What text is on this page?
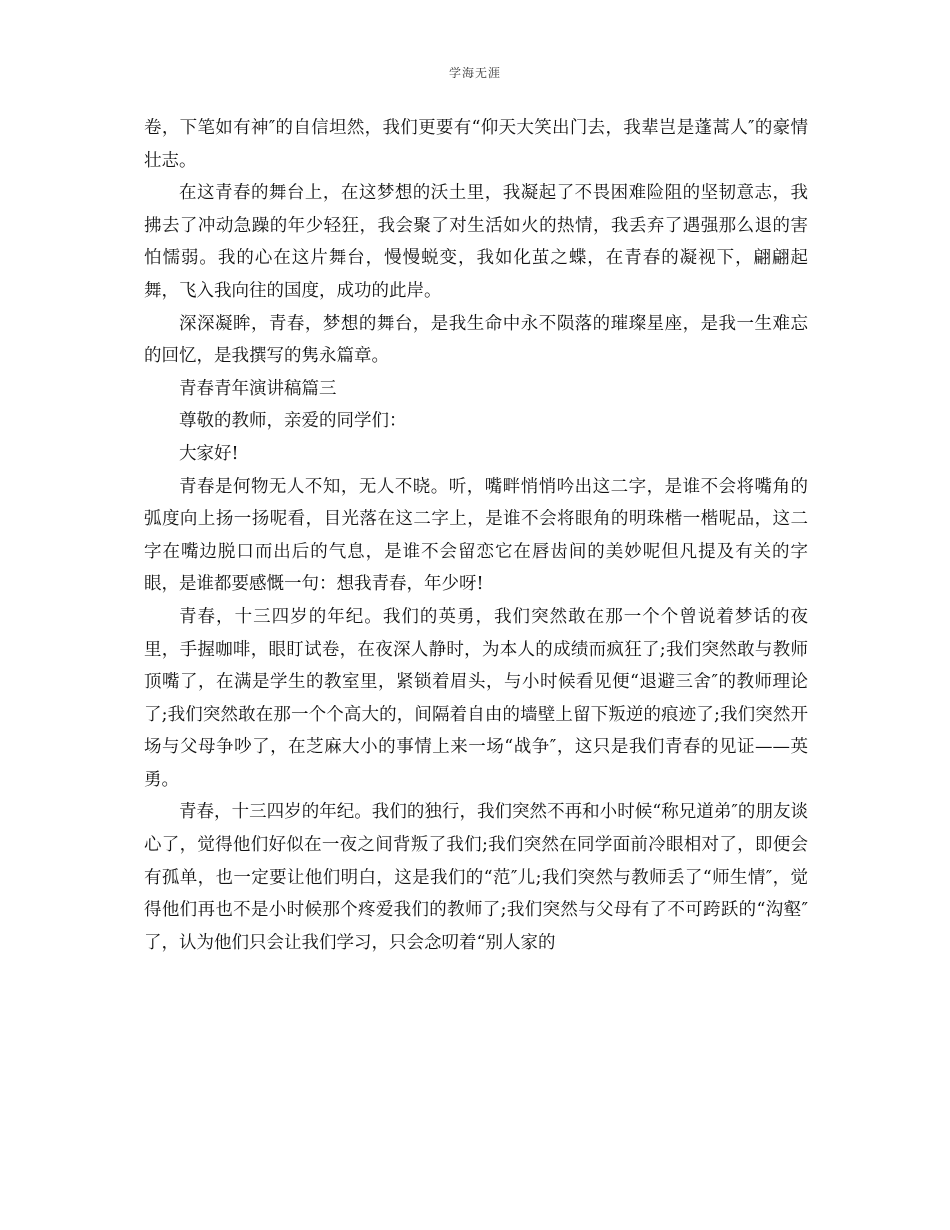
学海无涯

卷，下笔如有神″的自信坦然，我们更要有“仰天大笑出门去，我辈岂是蓬蒿人″的豪情壮志。

在这青春的舞台上，在这梦想的沃土里，我凝起了不畏困难险阻的坚韧意志，我拂去了冲动急躁的年少轻狂，我会聚了对生活如火的热情，我丢弃了遇强那么退的害怕懦弱。我的心在这片舞台，慢慢蜕变，我如化茧之蝶，在青春的凝视下，翩翩起舞，飞入我向往的国度，成功的此岸。

深深凝眸，青春，梦想的舞台，是我生命中永不陨落的璀璨星座，是我一生难忘的回忆，是我撰写的隽永篇章。

青春青年演讲稿篇三

尊敬的教师，亲爱的同学们：

大家好!

青春是何物无人不知，无人不晓。听，嘴畔悄悄吟出这二字，是谁不会将嘴角的弧度向上扬一扬呢看，目光落在这二字上，是谁不会将眼角的明珠楷一楷呢品，这二字在嘴边脱口而出后的气息，是谁不会留恋它在唇齿间的美妙呢但凡提及有关的字眼，是谁都要感慨一句：想我青春，年少呀!

青春，十三四岁的年纪。我们的英勇，我们突然敢在那一个个曾说着梦话的夜里，手握咖啡，眼盯试卷，在夜深人静时，为本人的成绩而疯狂了;我们突然敢与教师顶嘴了，在满是学生的教室里，紧锁着眉头，与小时候看见便“退避三舍″的教师理论了;我们突然敢在那一个个高大的，间隔着自由的墙壁上留下叛逆的痕迹了;我们突然开场与父母争吵了，在芝麻大小的事情上来一场“战争″，这只是我们青春的见证——英勇。

青春，十三四岁的年纪。我们的独行，我们突然不再和小时候“称兄道弟″的朋友谈心了，觉得他们好似在一夜之间背叛了我们;我们突然在同学面前冷眼相对了，即便会有孤单，也一定要让他们明白，这是我们的“范″儿;我们突然与教师丢了“师生情″，觉得他们再也不是小时候那个疼爱我们的教师了;我们突然与父母有了不可跨跃的“沟壑″了，认为他们只会让我们学习，只会念叨着“别人家的
